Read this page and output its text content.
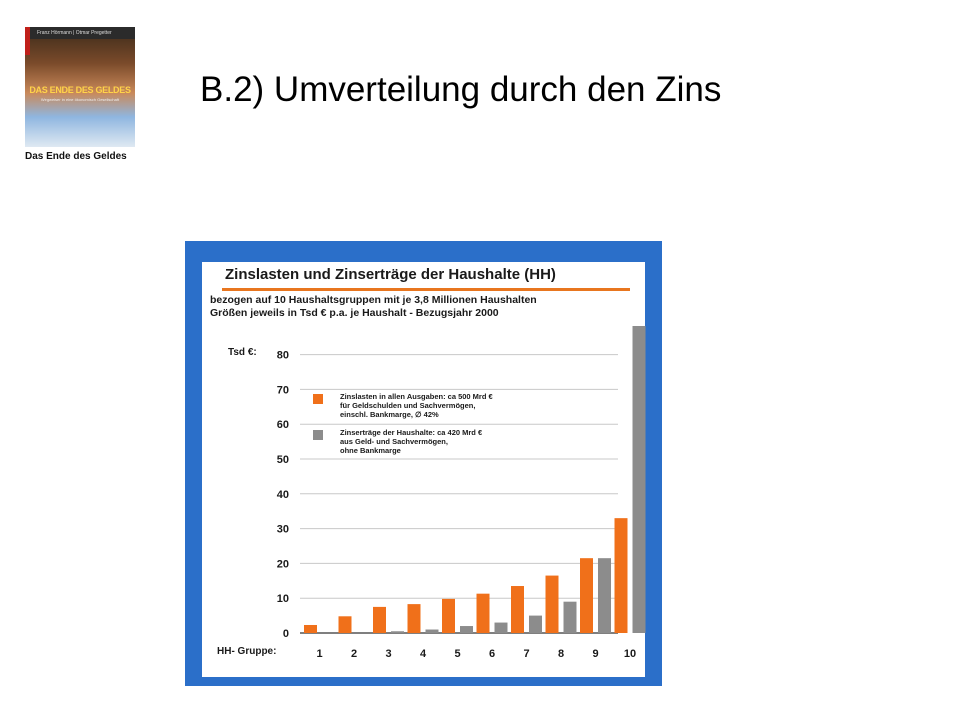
Franz Hörmann | Otmar Pregetter
DAS ENDE DES GELDES
Wegweiser in eine ökonomisch Gesellschaft
Das Ende des Geldes
B.2) Umverteilung durch den Zins
Zinslasten und Zinserträge der Haushalte (HH)
bezogen auf 10 Haushaltsgruppen mit je 3,8 Millionen Haushalten
Größen jeweils in Tsd € p.a. je Haushalt - Bezugsjahr 2000
Tsd €:
HH- Gruppe:
0
10
20
30
40
50
60
70
80
1	2	3	4	5	6	7	8	9 10
Zinslasten in allen Ausgaben: ca 500 Mrd €
für Geldschulden und Sachvermögen,
einschl. Bankmarge, ∅ 42%
Zinserträge der Haushalte: ca 420 Mrd €
aus Geld- und Sachvermögen,
ohne Bankmarge
